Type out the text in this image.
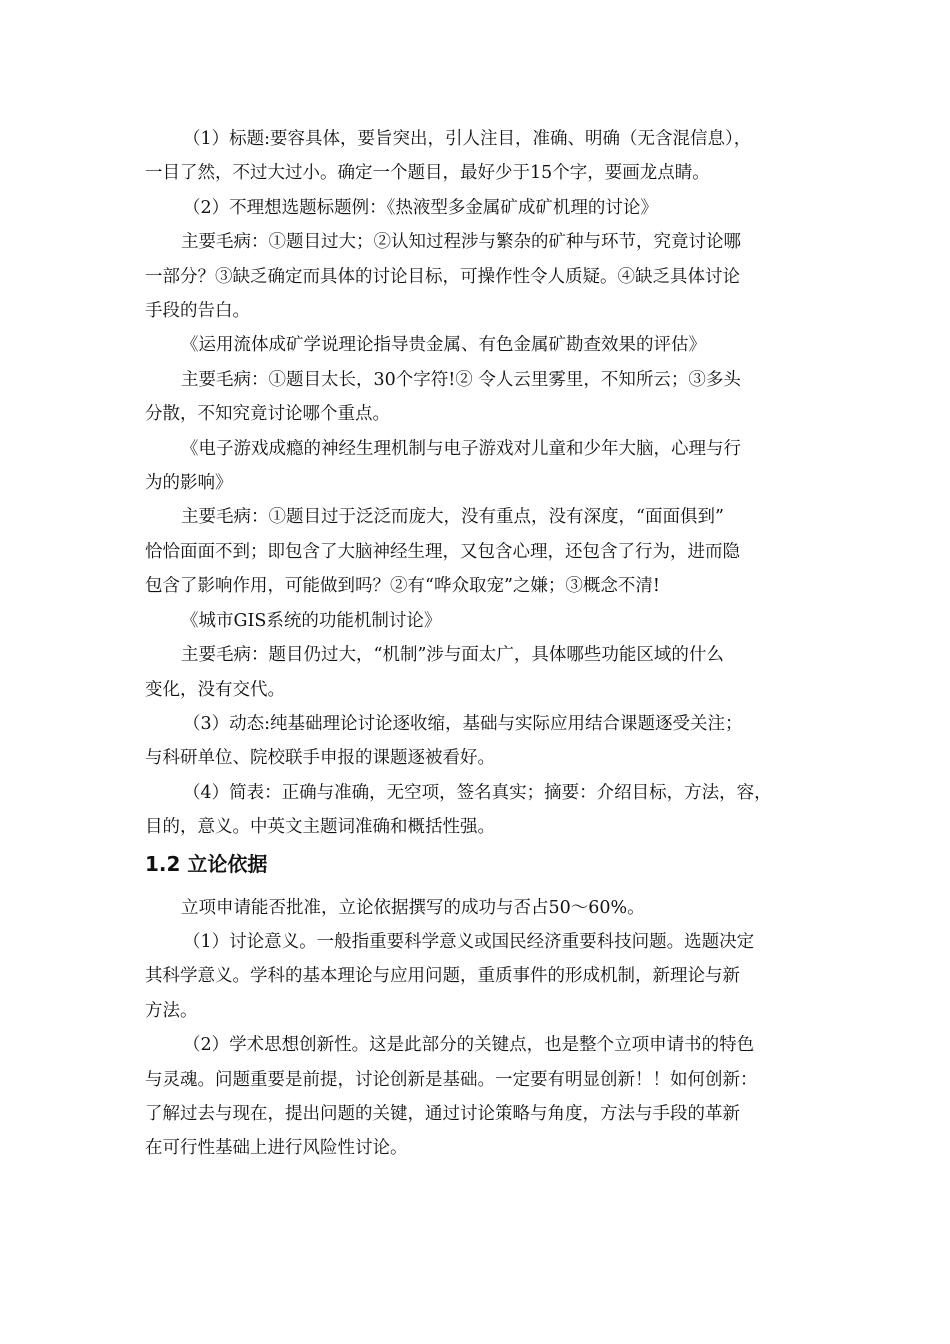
（1）标题:要容具体，要旨突出，引人注目，准确、明确（无含混信息），

一目了然，不过大过小。确定一个题目，最好少于15个字，要画龙点睛。

（2）不理想选题标题例：《热液型多金属矿成矿机理的讨论》

主要毛病：①题目过大；②认知过程涉与繁杂的矿种与环节，究竟讨论哪

一部分？③缺乏确定而具体的讨论目标，可操作性令人质疑。④缺乏具体讨论

手段的告白。

《运用流体成矿学说理论指导贵金属、有色金属矿勘查效果的评估》

主要毛病：①题目太长，30个字符!② 令人云里雾里，不知所云；③多头

分散，不知究竟讨论哪个重点。

《电子游戏成瘾的神经生理机制与电子游戏对儿童和少年大脑，心理与行

为的影响》

主要毛病：①题目过于泛泛而庞大，没有重点，没有深度，“面面俱到”

恰恰面面不到；即包含了大脑神经生理，又包含心理，还包含了行为，进而隐

包含了影响作用，可能做到吗？②有“哗众取宠”之嫌；③概念不清!

《城市GIS系统的功能机制讨论》

主要毛病：题目仍过大，“机制”涉与面太广，具体哪些功能区域的什么

变化，没有交代。

（3）动态:纯基础理论讨论逐收缩，基础与实际应用结合课题逐受关注；

与科研单位、院校联手申报的课题逐被看好。

（4）简表：正确与准确，无空项，签名真实；摘要：介绍目标，方法，容，

目的，意义。中英文主题词准确和概括性强。

1.2 立论依据

立项申请能否批准，立论依据撰写的成功与否占50～60%。

（1）讨论意义。一般指重要科学意义或国民经济重要科技问题。选题决定

其科学意义。学科的基本理论与应用问题，重质事件的形成机制，新理论与新

方法。

（2）学术思想创新性。这是此部分的关键点，也是整个立项申请书的特色

与灵魂。问题重要是前提，讨论创新是基础。一定要有明显创新！！如何创新：

了解过去与现在，提出问题的关键，通过讨论策略与角度，方法与手段的革新

在可行性基础上进行风险性讨论。
